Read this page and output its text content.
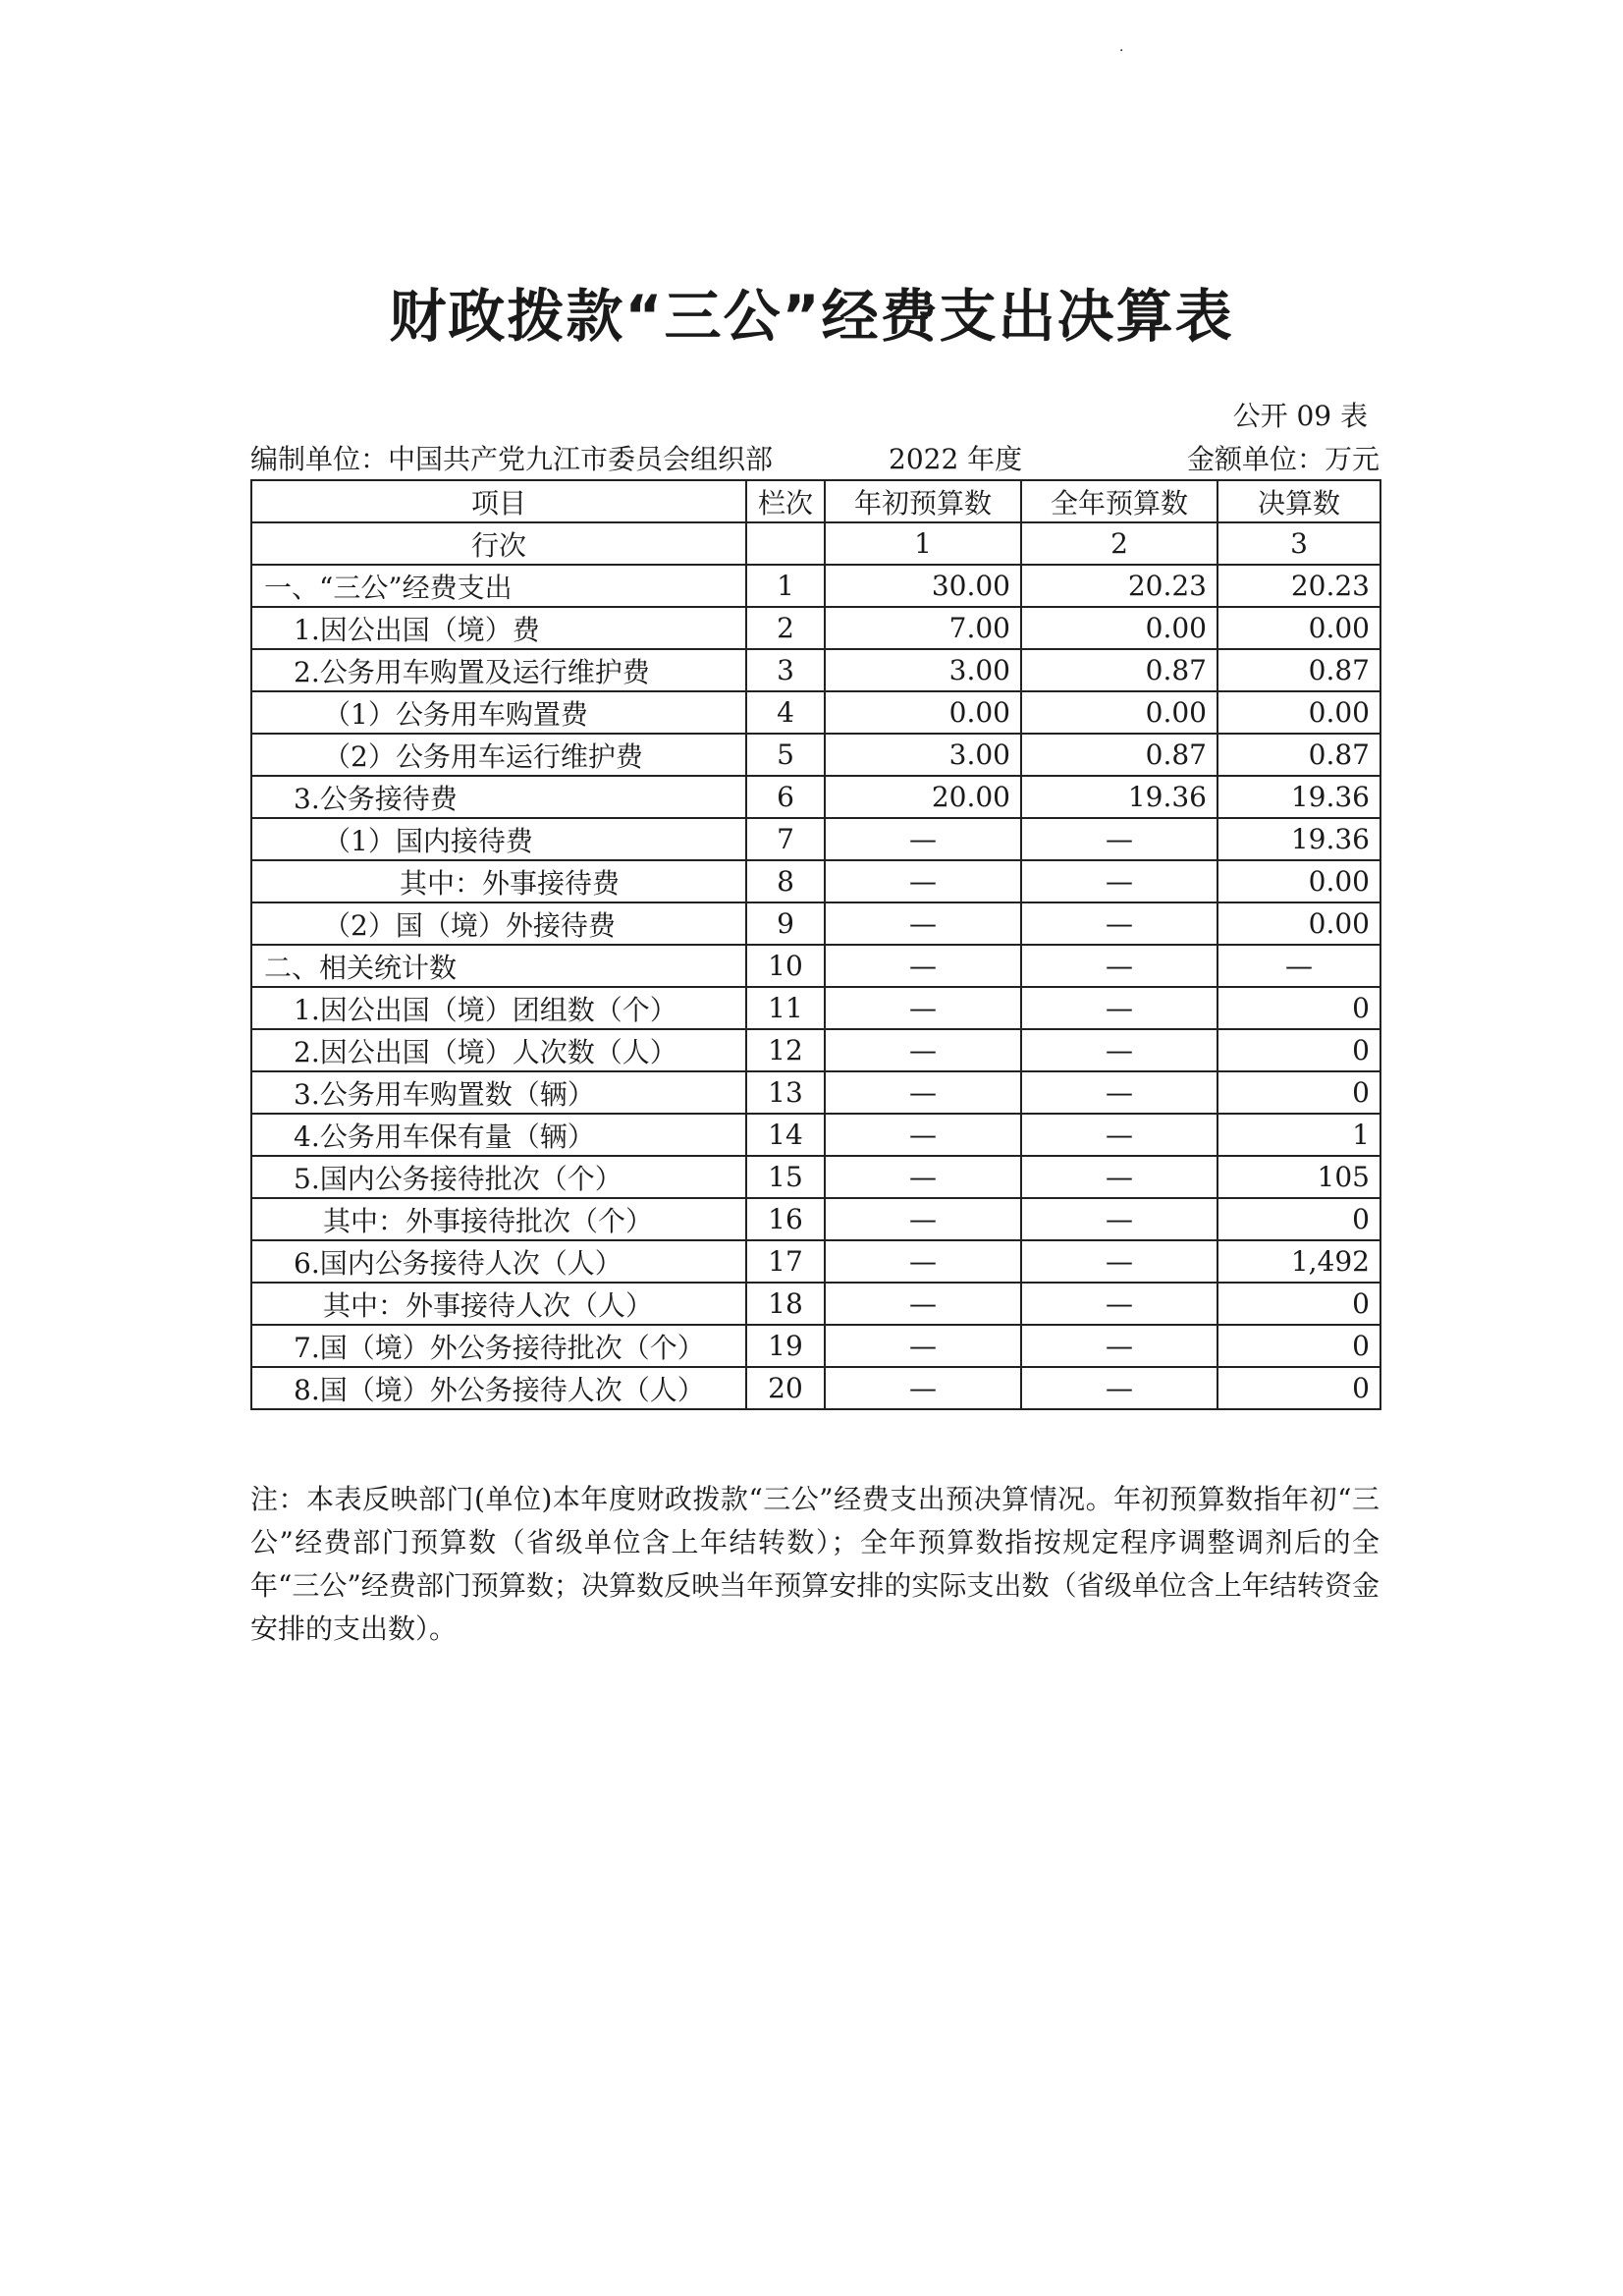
·
财政拨款“三公”经费支出决算表
公开 09 表
编制单位：中国共产党九江市委员会组织部	2022 年度	金额单位：万元
项目	栏次	年初预算数	全年预算数	决算数
行次		1	2	3
一、“三公”经费支出	1	30.00	20.23	20.23
1.因公出国（境）费	2	7.00	0.00	0.00
2.公务用车购置及运行维护费	3	3.00	0.87	0.87
（1）公务用车购置费	4	0.00	0.00	0.00
（2）公务用车运行维护费	5	3.00	0.87	0.87
3.公务接待费	6	20.00	19.36	19.36
（1）国内接待费	7	—	—	19.36
其中：外事接待费	8	—	—	0.00
（2）国（境）外接待费	9	—	—	0.00
二、相关统计数	10	—	—	—
1.因公出国（境）团组数（个）	11	—	—	0
2.因公出国（境）人次数（人）	12	—	—	0
3.公务用车购置数（辆）	13	—	—	0
4.公务用车保有量（辆）	14	—	—	1
5.国内公务接待批次（个）	15	—	—	105
其中：外事接待批次（个）	16	—	—	0
6.国内公务接待人次（人）	17	—	—	1,492
其中：外事接待人次（人）	18	—	—	0
7.国（境）外公务接待批次（个）	19	—	—	0
8.国（境）外公务接待人次（人）	20	—	—	0
注：本表反映部门(单位)本年度财政拨款“三公”经费支出预决算情况。年初预算数指年初“三公”经费部门预算数（省级单位含上年结转数）；全年预算数指按规定程序调整调剂后的全年“三公”经费部门预算数；决算数反映当年预算安排的实际支出数（省级单位含上年结转资金安排的支出数）。
